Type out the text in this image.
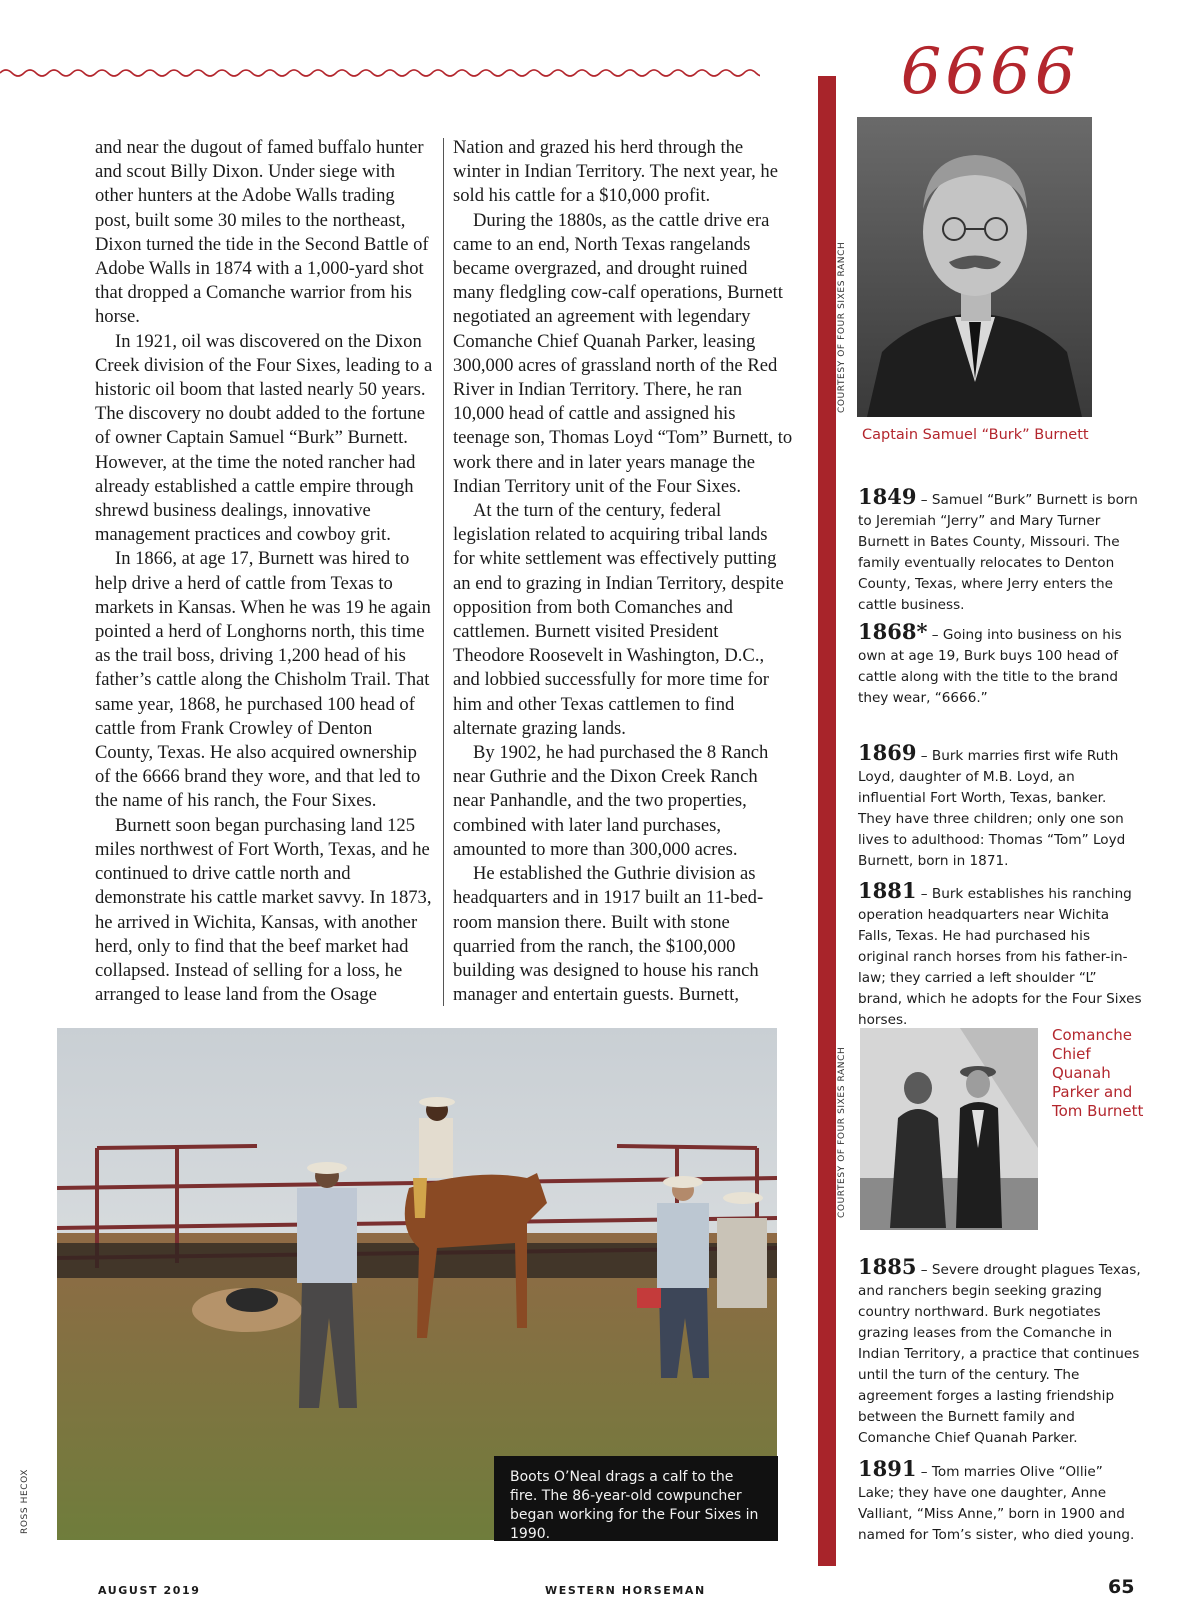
6666

and near the dugout of famed buffalo hunter and scout Billy Dixon. Under siege with other hunters at the Adobe Walls trading post, built some 30 miles to the northeast, Dixon turned the tide in the Second Battle of Adobe Walls in 1874 with a 1,000-yard shot that dropped a Comanche warrior from his horse.

In 1921, oil was discovered on the Dixon Creek division of the Four Sixes, leading to a historic oil boom that lasted nearly 50 years. The discovery no doubt added to the fortune of owner Captain Samuel “Burk” Burnett. However, at the time the noted rancher had already established a cattle empire through shrewd business dealings, innovative management practices and cowboy grit.

In 1866, at age 17, Burnett was hired to help drive a herd of cattle from Texas to markets in Kansas. When he was 19 he again pointed a herd of Longhorns north, this time as the trail boss, driving 1,200 head of his father’s cattle along the Chisholm Trail. That same year, 1868, he purchased 100 head of cattle from Frank Crowley of Denton County, Texas. He also acquired ownership of the 6666 brand they wore, and that led to the name of his ranch, the Four Sixes.

Burnett soon began purchasing land 125 miles northwest of Fort Worth, Texas, and he continued to drive cattle north and demonstrate his cattle market savvy. In 1873, he arrived in Wichita, Kansas, with another herd, only to find that the beef market had collapsed. Instead of selling for a loss, he arranged to lease land from the Osage

Nation and grazed his herd through the winter in Indian Territory. The next year, he sold his cattle for a $10,000 profit.

During the 1880s, as the cattle drive era came to an end, North Texas rangelands became overgrazed, and drought ruined many fledgling cow-calf operations, Burnett negotiated an agreement with legendary Comanche Chief Quanah Parker, leasing 300,000 acres of grassland north of the Red River in Indian Territory. There, he ran 10,000 head of cattle and assigned his teenage son, Thomas Loyd “Tom” Burnett, to work there and in later years manage the Indian Territory unit of the Four Sixes.

At the turn of the century, federal legislation related to acquiring tribal lands for white settlement was effectively putting an end to grazing in Indian Territory, despite opposition from both Comanches and cattlemen. Burnett visited President Theodore Roosevelt in Washington, D.C., and lobbied successfully for more time for him and other Texas cattlemen to find alternate grazing lands.

By 1902, he had purchased the 8 Ranch near Guthrie and the Dixon Creek Ranch near Panhandle, and the two properties, combined with later land purchases, amounted to more than 300,000 acres.

He established the Guthrie division as headquarters and in 1917 built an 11-bed-room mansion there. Built with stone quarried from the ranch, the $100,000 building was designed to house his ranch manager and entertain guests. Burnett,

COURTESY OF FOUR SIXES RANCH
Captain Samuel “Burk” Burnett
1849 – Samuel “Burk” Burnett is born to Jeremiah “Jerry” and Mary Turner Burnett in Bates County, Missouri. The family eventually relocates to Denton County, Texas, where Jerry enters the cattle business.
1868* – Going into business on his own at age 19, Burk buys 100 head of cattle along with the title to the brand they wear, “6666.”
1869 – Burk marries first wife Ruth Loyd, daughter of M.B. Loyd, an influential Fort Worth, Texas, banker. They have three children; only one son lives to adulthood: Thomas “Tom” Loyd Burnett, born in 1871.
1881 – Burk establishes his ranching operation headquarters near Wichita Falls, Texas. He had purchased his original ranch horses from his father-in-law; they carried a left shoulder “L” brand, which he adopts for the Four Sixes horses.
COURTESY OF FOUR SIXES RANCH
Comanche Chief Quanah Parker and Tom Burnett
1885 – Severe drought plagues Texas, and ranchers begin seeking grazing country northward. Burk negotiates grazing leases from the Comanche in Indian Territory, a practice that continues until the turn of the century. The agreement forges a lasting friendship between the Burnett family and Comanche Chief Quanah Parker.
1891 – Tom marries Olive “Ollie” Lake; they have one daughter, Anne Valliant, “Miss Anne,” born in 1900 and named for Tom’s sister, who died young.
ROSS HECOX	Boots O’Neal drags a calf to the fire. The 86-year-old cowpuncher began working for the Four Sixes in 1990.
AUGUST 2019	WESTERN HORSEMAN	65
